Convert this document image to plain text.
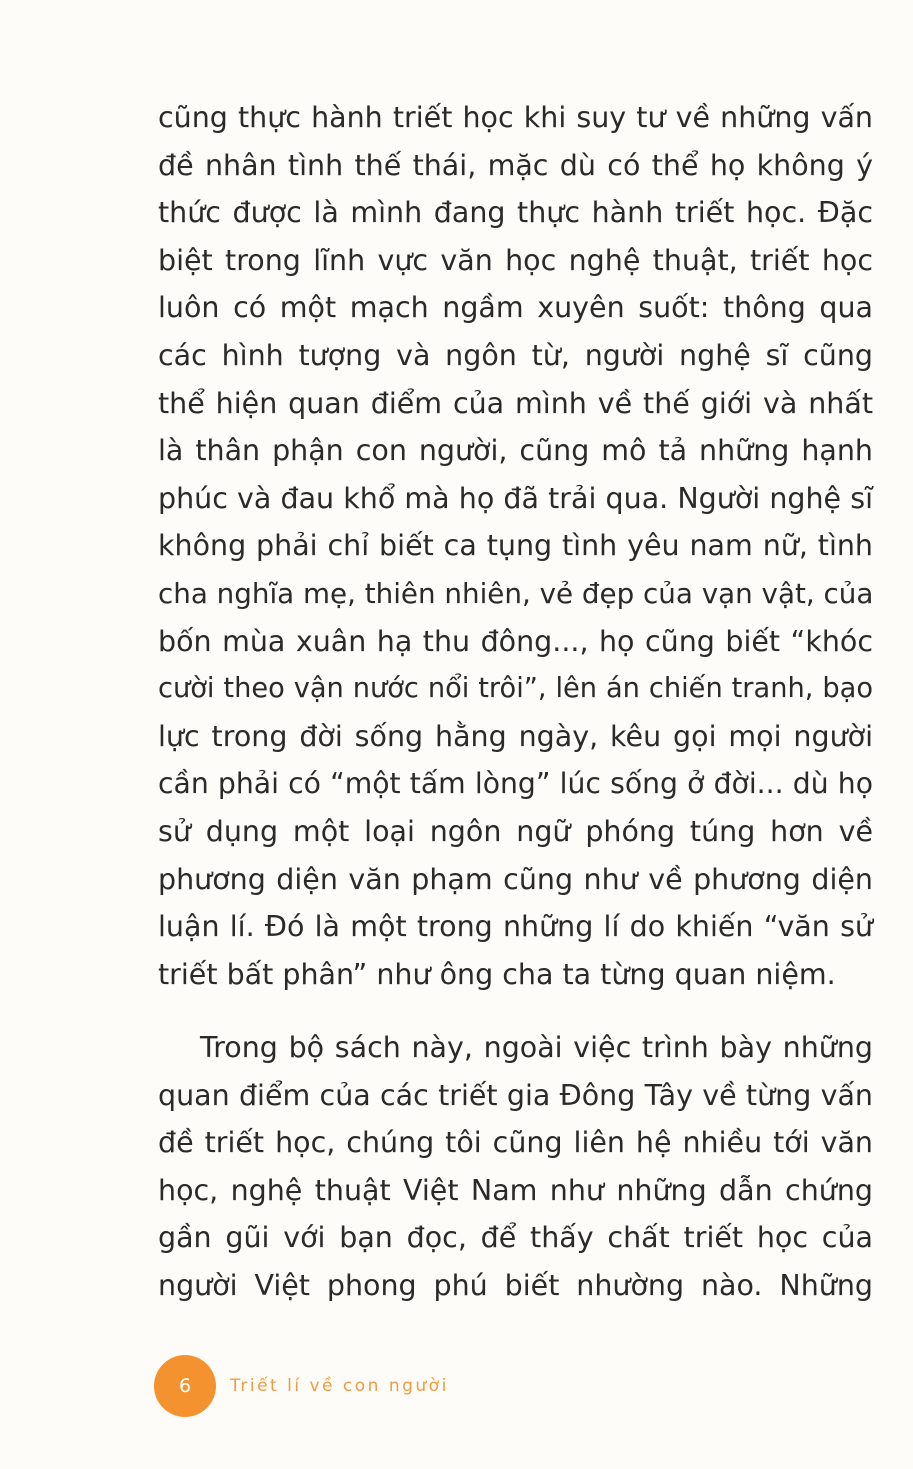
cũng thực hành triết học khi suy tư về những vấn
đề nhân tình thế thái, mặc dù có thể họ không ý
thức được là mình đang thực hành triết học. Đặc
biệt trong lĩnh vực văn học nghệ thuật, triết học
luôn có một mạch ngầm xuyên suốt: thông qua
các hình tượng và ngôn từ, người nghệ sĩ cũng
thể hiện quan điểm của mình về thế giới và nhất
là thân phận con người, cũng mô tả những hạnh
phúc và đau khổ mà họ đã trải qua. Người nghệ sĩ
không phải chỉ biết ca tụng tình yêu nam nữ, tình
cha nghĩa mẹ, thiên nhiên, vẻ đẹp của vạn vật, của
bốn mùa xuân hạ thu đông..., họ cũng biết “khóc
cười theo vận nước nổi trôi”, lên án chiến tranh, bạo
lực trong đời sống hằng ngày, kêu gọi mọi người
cần phải có “một tấm lòng” lúc sống ở đời... dù họ
sử dụng một loại ngôn ngữ phóng túng hơn về
phương diện văn phạm cũng như về phương diện
luận lí. Đó là một trong những lí do khiến “văn sử
triết bất phân” như ông cha ta từng quan niệm.
Trong bộ sách này, ngoài việc trình bày những
quan điểm của các triết gia Đông Tây về từng vấn
đề triết học, chúng tôi cũng liên hệ nhiều tới văn
học, nghệ thuật Việt Nam như những dẫn chứng
gần gũi với bạn đọc, để thấy chất triết học của
người Việt phong phú biết nhường nào. Những
6 Triết lí về con người
